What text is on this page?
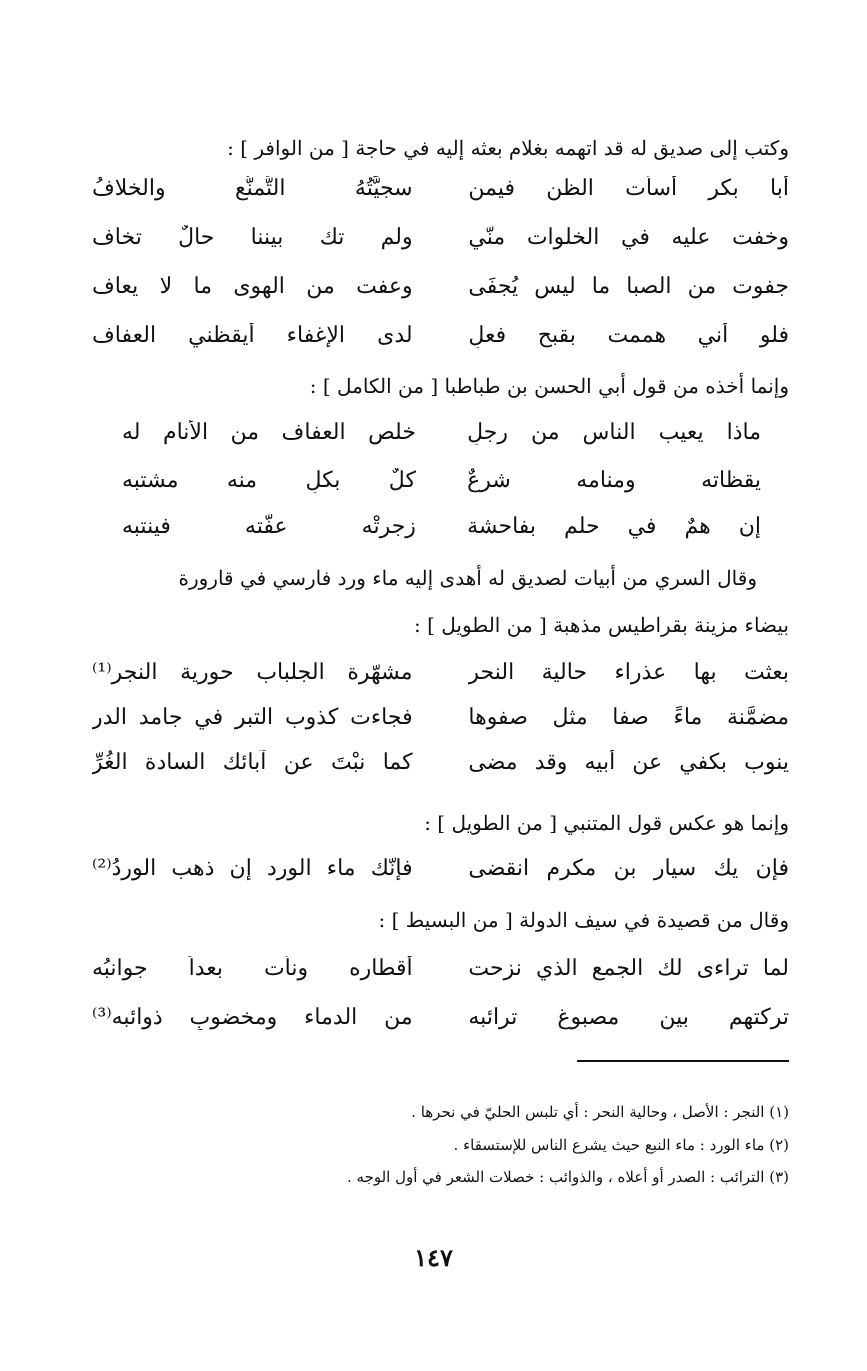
وكتب إلى صديق له قد اتهمه بغلام بعثه إليه في حاجة [ من الوافر ] :
أبا بكر أسأت الظن فيمن
سجيَّتُهُ التَّمنُّع والخلافُ
وخفت عليه في الخلوات منّي
ولم تك بيننا حالٌ تخاف
جفوت من الصبا ما ليس يُجفَى
وعفت من الهوى ما لا يعاف
فلو أني هممت بقبح فعلٍ
لدى الإغفاء أيقظني العفاف
وإنما أخذه من قول أبي الحسن بن طباطبا [ من الكامل ] :
ماذا يعيب الناس من رجلٍ
خلص العفاف من الأنام له
يقظاته ومنامه شرعٌ
كلٌ بكلٍ منه مشتبه
إن همٌ في حلم بفاحشة
زجرتْه عفّته فينتبه
وقال السري من أبيات لصديق له أهدى إليه ماء ورد فارسي في قارورة
بيضاء مزينة بقراطيس مذهبة [ من الطويل ] :
بعثت بها عذراء حالية النحر
مشهّرة الجلباب حورية النجرِ⁽¹⁾
مضمَّنة ماءً صفا مثل صفوها
فجاءت كذوب التبر في جامد الدر
ينوب بكفي عن أبيه وقد مضى
كما نبْتَ عن آبائك السادة الغُرِّ
وإنما هو عكس قول المتنبي [ من الطويل ] :
فإن يك سيار بن مكرمٍ انقضى
فإنّك ماء الورد إن ذهب الوردُ⁽²⁾
وقال من قصيدة في سيف الدولة [ من البسيط ] :
لما تراءى لك الجمع الذي نزحت
أقطاره ونأت بعداً جوانبُه
تركتهم بين مصبوغٍ ترائبه
من الدماء ومخضوبٍ ذوائبه⁽³⁾
(١) النجر : الأصل ، وحالية النحر : أي تلبس الحليّ في نحرها .
(٢) ماء الورد : ماء النبع حيث يشرع الناس للإستسقاء .
(٣) الترائب : الصدر أو أعلاه ، والذوائب : خصلات الشعر في أول الوجه .
١٤٧
